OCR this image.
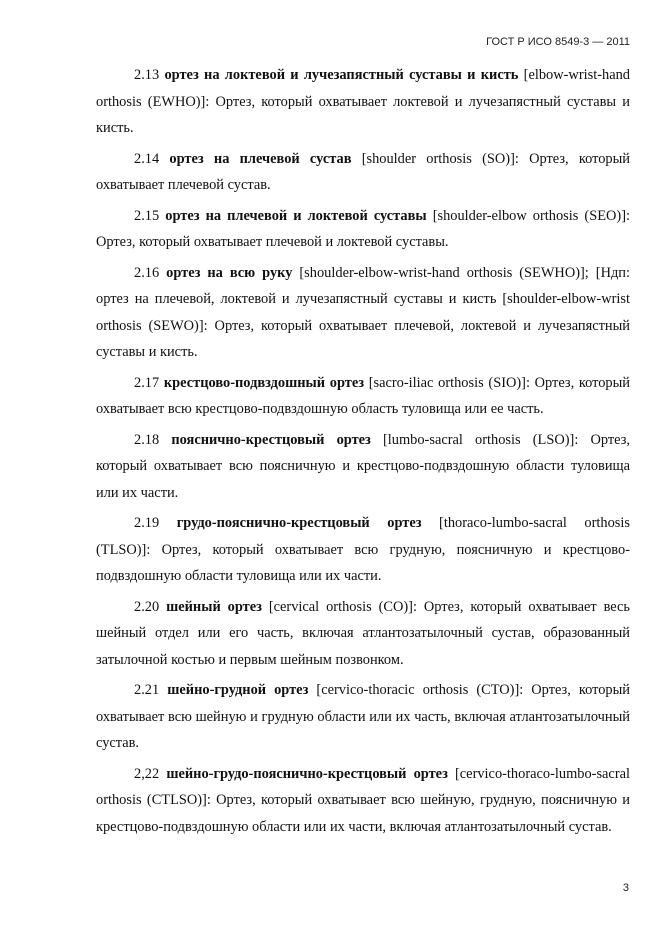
ГОСТ Р ИСО 8549-3 — 2011

2.13 ортез на локтевой и лучезапястный суставы и кисть [elbow-wrist-hand orthosis (EWHO)]: Ортез, который охватывает локтевой и лучезапястный суставы и кисть.

2.14 ортез на плечевой сустав [shoulder orthosis (SO)]: Ортез, который охватывает плечевой сустав.

2.15 ортез на плечевой и локтевой суставы [shoulder-elbow orthosis (SEO)]: Ортез, который охватывает плечевой и локтевой суставы.

2.16 ортез на всю руку [shoulder-elbow-wrist-hand orthosis (SEWHO)]; [Ндп: ортез на плечевой, локтевой и лучезапястный суставы и кисть [shoulder-elbow-wrist orthosis (SEWO)]: Ортез, который охватывает плечевой, локтевой и лучезапястный суставы и кисть.

2.17 крестцово-подвздошный ортез [sacro-iliac orthosis (SIO)]: Ортез, который охватывает всю крестцово-подвздошную область туловища или ее часть.

2.18 пояснично-крестцовый ортез [lumbo-sacral orthosis (LSO)]: Ортез, который охватывает всю поясничную и крестцово-подвздошную области туловища или их части.

2.19 грудо-пояснично-крестцовый ортез [thoraco-lumbo-sacral orthosis (TLSO)]: Ортез, который охватывает всю грудную, поясничную и крестцово-подвздошную области туловища или их части.

2.20 шейный ортез [cervical orthosis (CO)]: Ортез, который охватывает весь шейный отдел или его часть, включая атлантозатылочный сустав, образованный затылочной костью и первым шейным позвонком.

2.21 шейно-грудной ортез [cervico-thoracic orthosis (CTO)]: Ортез, который охватывает всю шейную и грудную области или их часть, включая атлантозатылочный сустав.

2,22 шейно-грудо-пояснично-крестцовый ортез [cervico-thoraco-lumbo-sacral orthosis (CTLSO)]: Ортез, который охватывает всю шейную, грудную, поясничную и крестцово-подвздошную области или их части, включая атлантозатылочный сустав.

3
